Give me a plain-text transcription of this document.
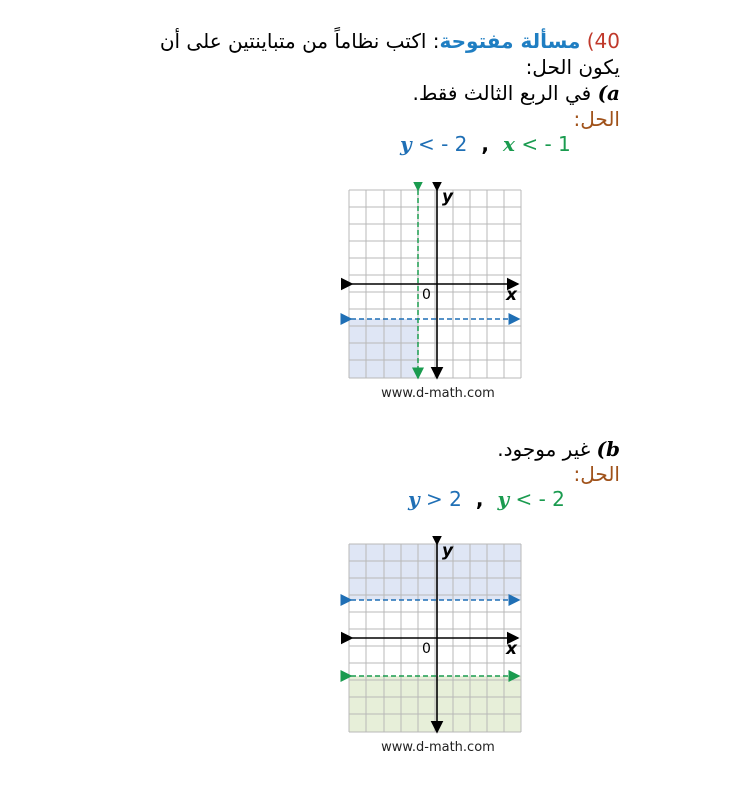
40) مسألة مفتوحة: اكتب نظاماً من متباينتين على أن
يكون الحل:
a) في الربع الثالث فقط.
الحل:
y < - 2 , x < - 1
x
y
0
www.d-math.com
b) غير موجود.
الحل:
y > 2 , y < - 2
x
y
0
www.d-math.com
